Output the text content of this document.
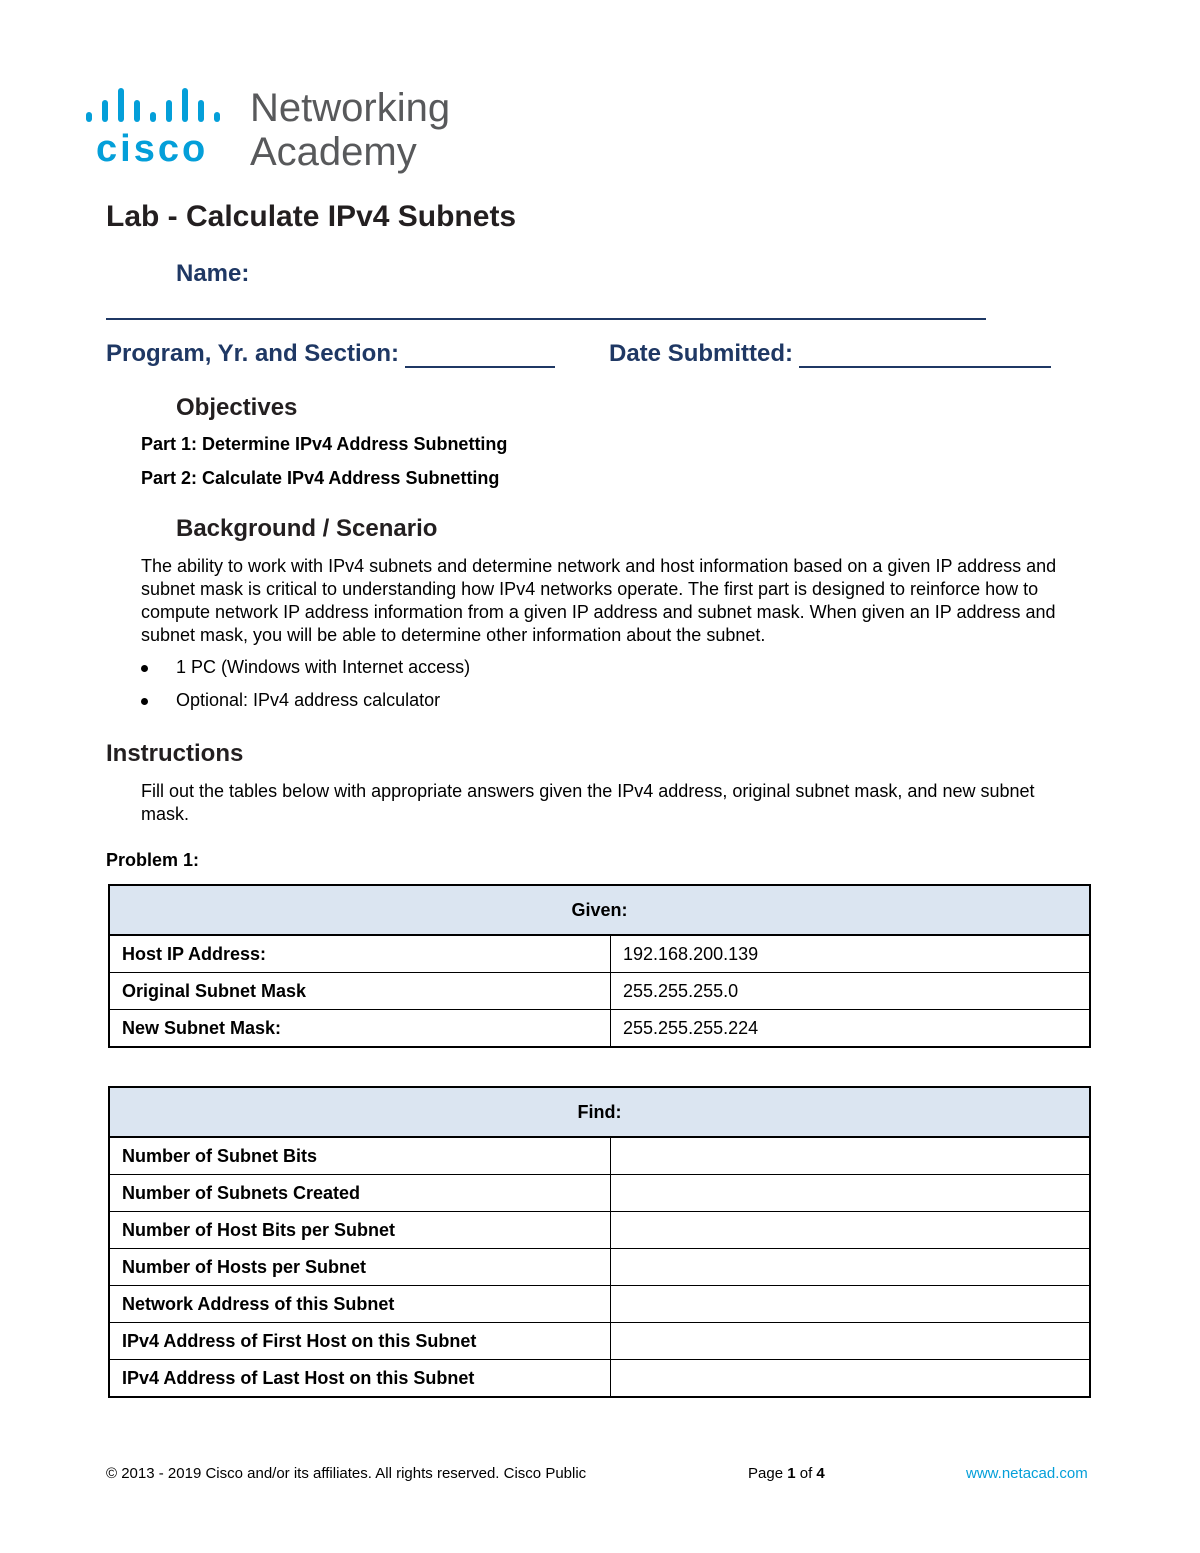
cisco
Networking
Academy
Lab - Calculate IPv4 Subnets
Name:
Program, Yr. and Section:	Date Submitted:
Objectives
Part 1: Determine IPv4 Address Subnetting
Part 2: Calculate IPv4 Address Subnetting
Background / Scenario
The ability to work with IPv4 subnets and determine network and host information based on a given IP address and subnet mask is critical to understanding how IPv4 networks operate. The first part is designed to reinforce how to compute network IP address information from a given IP address and subnet mask. When given an IP address and subnet mask, you will be able to determine other information about the subnet.
1 PC (Windows with Internet access)
Optional: IPv4 address calculator
Instructions
Fill out the tables below with appropriate answers given the IPv4 address, original subnet mask, and new subnet mask.
Problem 1:
Given:	
Host IP Address:	192.168.200.139
Original Subnet Mask	255.255.255.0
New Subnet Mask:	255.255.255.224
Find:	
Number of Subnet Bits	
Number of Subnets Created	
Number of Host Bits per Subnet	
Number of Hosts per Subnet	
Network Address of this Subnet	
IPv4 Address of First Host on this Subnet	
IPv4 Address of Last Host on this Subnet	
© 2013 - 2019 Cisco and/or its affiliates. All rights reserved. Cisco Public	Page 1 of 4	www.netacad.com
